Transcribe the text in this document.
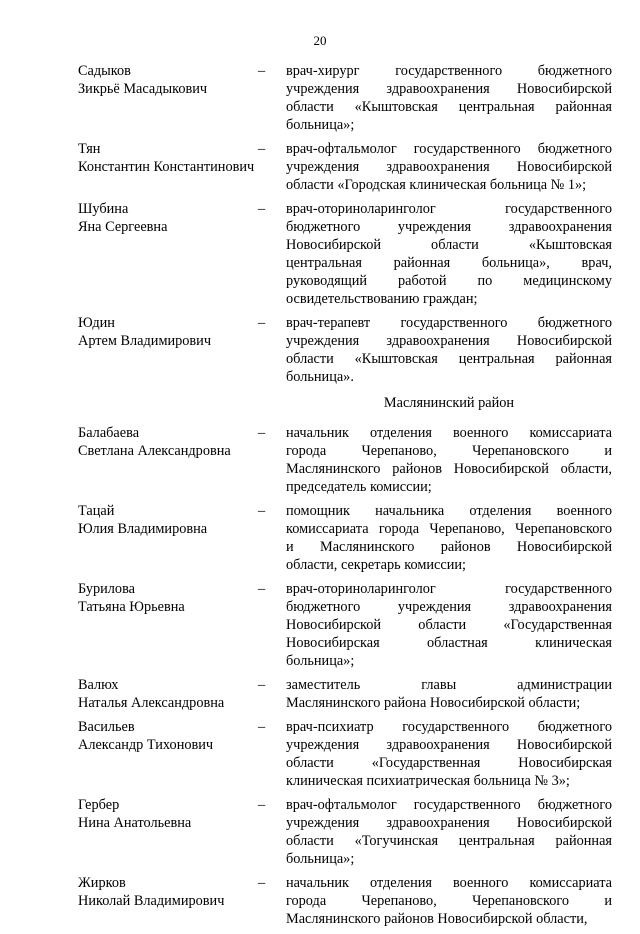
20
Садыков
Зикрьё Масадыкович
–	врач-хирург государственного бюджетного
учреждения здравоохранения Новосибирской
области «Кыштовская центральная районная
больница»;
Тян
Константин Константинович
–	врач-офтальмолог государственного бюджетного
учреждения здравоохранения Новосибирской
области «Городская клиническая больница № 1»;
Шубина
Яна Сергеевна
–	врач-оториноларинголог государственного
бюджетного учреждения здравоохранения
Новосибирской области «Кыштовская
центральная районная больница», врач,
руководящий работой по медицинскому
освидетельствованию граждан;
Юдин
Артем Владимирович
–	врач-терапевт государственного бюджетного
учреждения здравоохранения Новосибирской
области «Кыштовская центральная районная
больница».
Маслянинский район
Балабаева
Светлана Александровна
–	начальник отделения военного комиссариата
города Черепаново, Черепановского и
Маслянинского районов Новосибирской области,
председатель комиссии;
Тацай
Юлия Владимировна
–	помощник начальника отделения военного
комиссариата города Черепаново, Черепановского
и Маслянинского районов Новосибирской
области, секретарь комиссии;
Бурилова
Татьяна Юрьевна
–	врач-оториноларинголог государственного
бюджетного учреждения здравоохранения
Новосибирской области «Государственная
Новосибирская областная клиническая
больница»;
Валюх
Наталья Александровна
–	заместитель главы администрации
Маслянинского района Новосибирской области;
Васильев
Александр Тихонович
–	врач-психиатр государственного бюджетного
учреждения здравоохранения Новосибирской
области «Государственная Новосибирская
клиническая психиатрическая больница № 3»;
Гербер
Нина Анатольевна
–	врач-офтальмолог государственного бюджетного
учреждения здравоохранения Новосибирской
области «Тогучинская центральная районная
больница»;
Жирков
Николай Владимирович
–	начальник отделения военного комиссариата
города Черепаново, Черепановского и
Маслянинского районов Новосибирской области,
